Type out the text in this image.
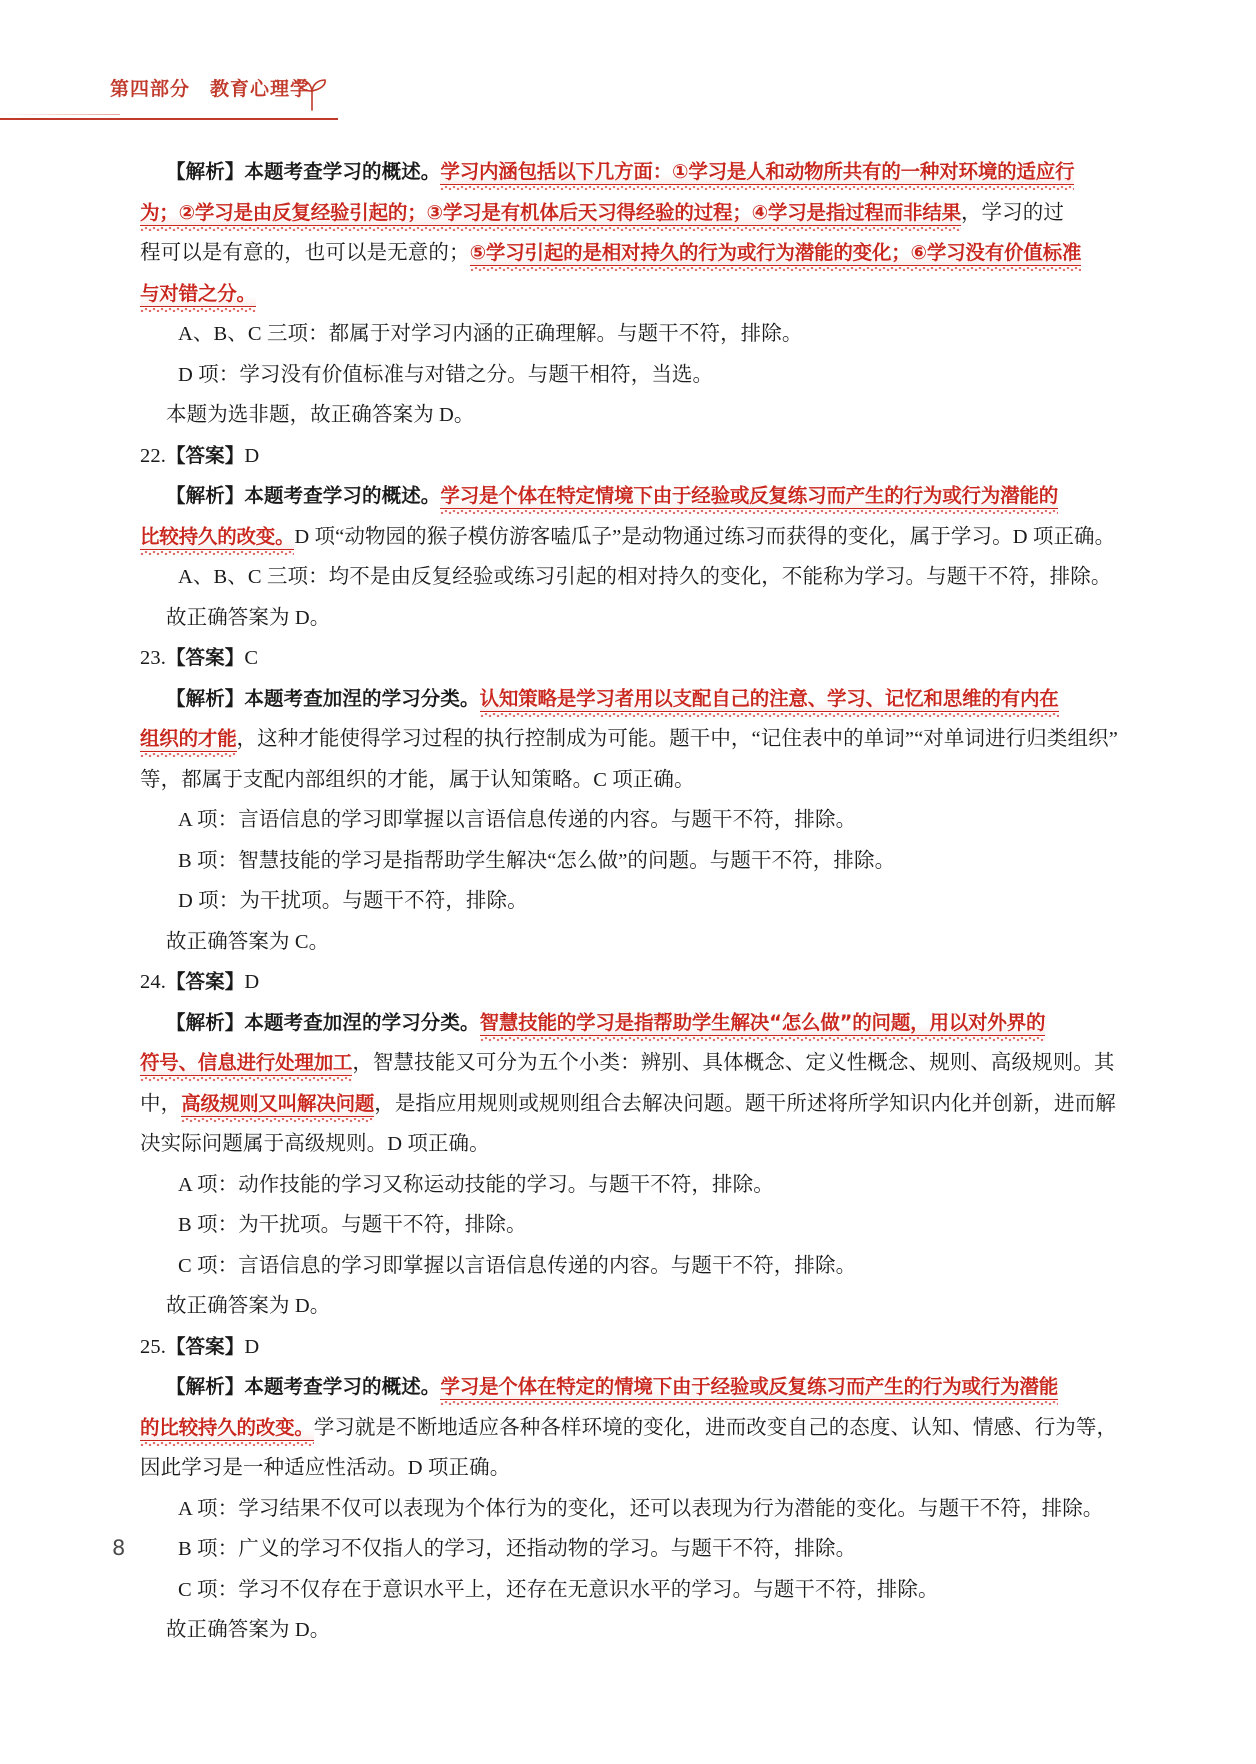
第四部分　教育心理学
【解析】本题考查学习的概述。学习内涵包括以下几方面：①学习是人和动物所共有的一种对环境的适应行
为；②学习是由反复经验引起的；③学习是有机体后天习得经验的过程；④学习是指过程而非结果，学习的过
程可以是有意的，也可以是无意的；⑤学习引起的是相对持久的行为或行为潜能的变化；⑥学习没有价值标准
与对错之分。
A、B、C 三项：都属于对学习内涵的正确理解。与题干不符，排除。
D 项：学习没有价值标准与对错之分。与题干相符，当选。
本题为选非题，故正确答案为 D。
22.【答案】D
【解析】本题考查学习的概述。学习是个体在特定情境下由于经验或反复练习而产生的行为或行为潜能的
比较持久的改变。D 项“动物园的猴子模仿游客嗑瓜子”是动物通过练习而获得的变化，属于学习。D 项正确。
A、B、C 三项：均不是由反复经验或练习引起的相对持久的变化，不能称为学习。与题干不符，排除。
故正确答案为 D。
23.【答案】C
【解析】本题考查加涅的学习分类。认知策略是学习者用以支配自己的注意、学习、记忆和思维的有内在
组织的才能，这种才能使得学习过程的执行控制成为可能。题干中，“记住表中的单词”“对单词进行归类组织”
等，都属于支配内部组织的才能，属于认知策略。C 项正确。
A 项：言语信息的学习即掌握以言语信息传递的内容。与题干不符，排除。
B 项：智慧技能的学习是指帮助学生解决“怎么做”的问题。与题干不符，排除。
D 项：为干扰项。与题干不符，排除。
故正确答案为 C。
24.【答案】D
【解析】本题考查加涅的学习分类。智慧技能的学习是指帮助学生解决“怎么做”的问题，用以对外界的
符号、信息进行处理加工，智慧技能又可分为五个小类：辨别、具体概念、定义性概念、规则、高级规则。其
中，高级规则又叫解决问题，是指应用规则或规则组合去解决问题。题干所述将所学知识内化并创新，进而解
决实际问题属于高级规则。D 项正确。
A 项：动作技能的学习又称运动技能的学习。与题干不符，排除。
B 项：为干扰项。与题干不符，排除。
C 项：言语信息的学习即掌握以言语信息传递的内容。与题干不符，排除。
故正确答案为 D。
25.【答案】D
【解析】本题考查学习的概述。学习是个体在特定的情境下由于经验或反复练习而产生的行为或行为潜能
的比较持久的改变。学习就是不断地适应各种各样环境的变化，进而改变自己的态度、认知、情感、行为等，
因此学习是一种适应性活动。D 项正确。
A 项：学习结果不仅可以表现为个体行为的变化，还可以表现为行为潜能的变化。与题干不符，排除。
B 项：广义的学习不仅指人的学习，还指动物的学习。与题干不符，排除。
C 项：学习不仅存在于意识水平上，还存在无意识水平的学习。与题干不符，排除。
故正确答案为 D。
8
